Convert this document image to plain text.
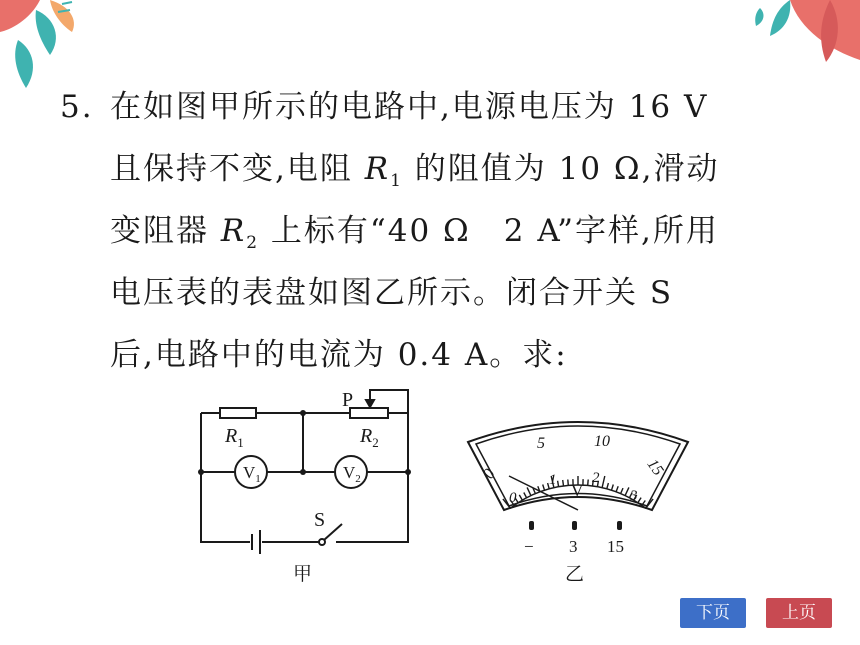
5. 在如图甲所示的电路中,电源电压为 16 V
且保持不变,电阻 $R_1$ 的阻值为 10 Ω,滑动
变阻器 $R_2$ 上标有“40 Ω　2 A”字样,所用
电压表的表盘如图乙所示。闭合开关 S
后,电路中的电流为 0.4 A。求:
P
$R_1$	$R_2$
$V_1$	$V_2$
S
甲
0
5	10
15
0
1 2
3
V
− 3 15
乙
下页	上页
